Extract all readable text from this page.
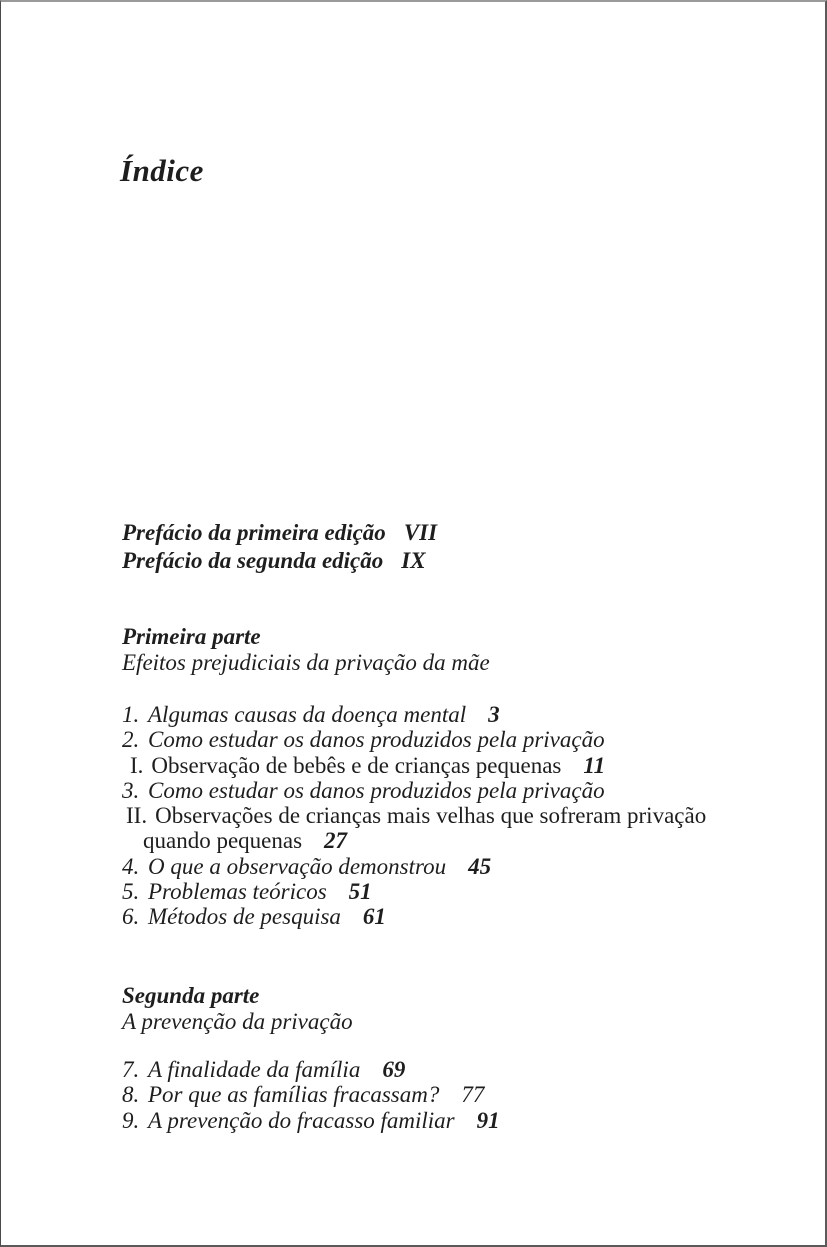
Índice

Prefácio da primeira edição VII

Prefácio da segunda edição IX

Primeira parte

Efeitos prejudiciais da privação da mãe

1. Algumas causas da doença mental 3

2. Como estudar os danos produzidos pela privação

I. Observação de bebês e de crianças pequenas 11

3. Como estudar os danos produzidos pela privação

II. Observações de crianças mais velhas que sofreram privação

quando pequenas 27

4. O que a observação demonstrou 45

5. Problemas teóricos 51

6. Métodos de pesquisa 61

Segunda parte

A prevenção da privação

7. A finalidade da família 69

8. Por que as famílias fracassam? 77

9. A prevenção do fracasso familiar 91
